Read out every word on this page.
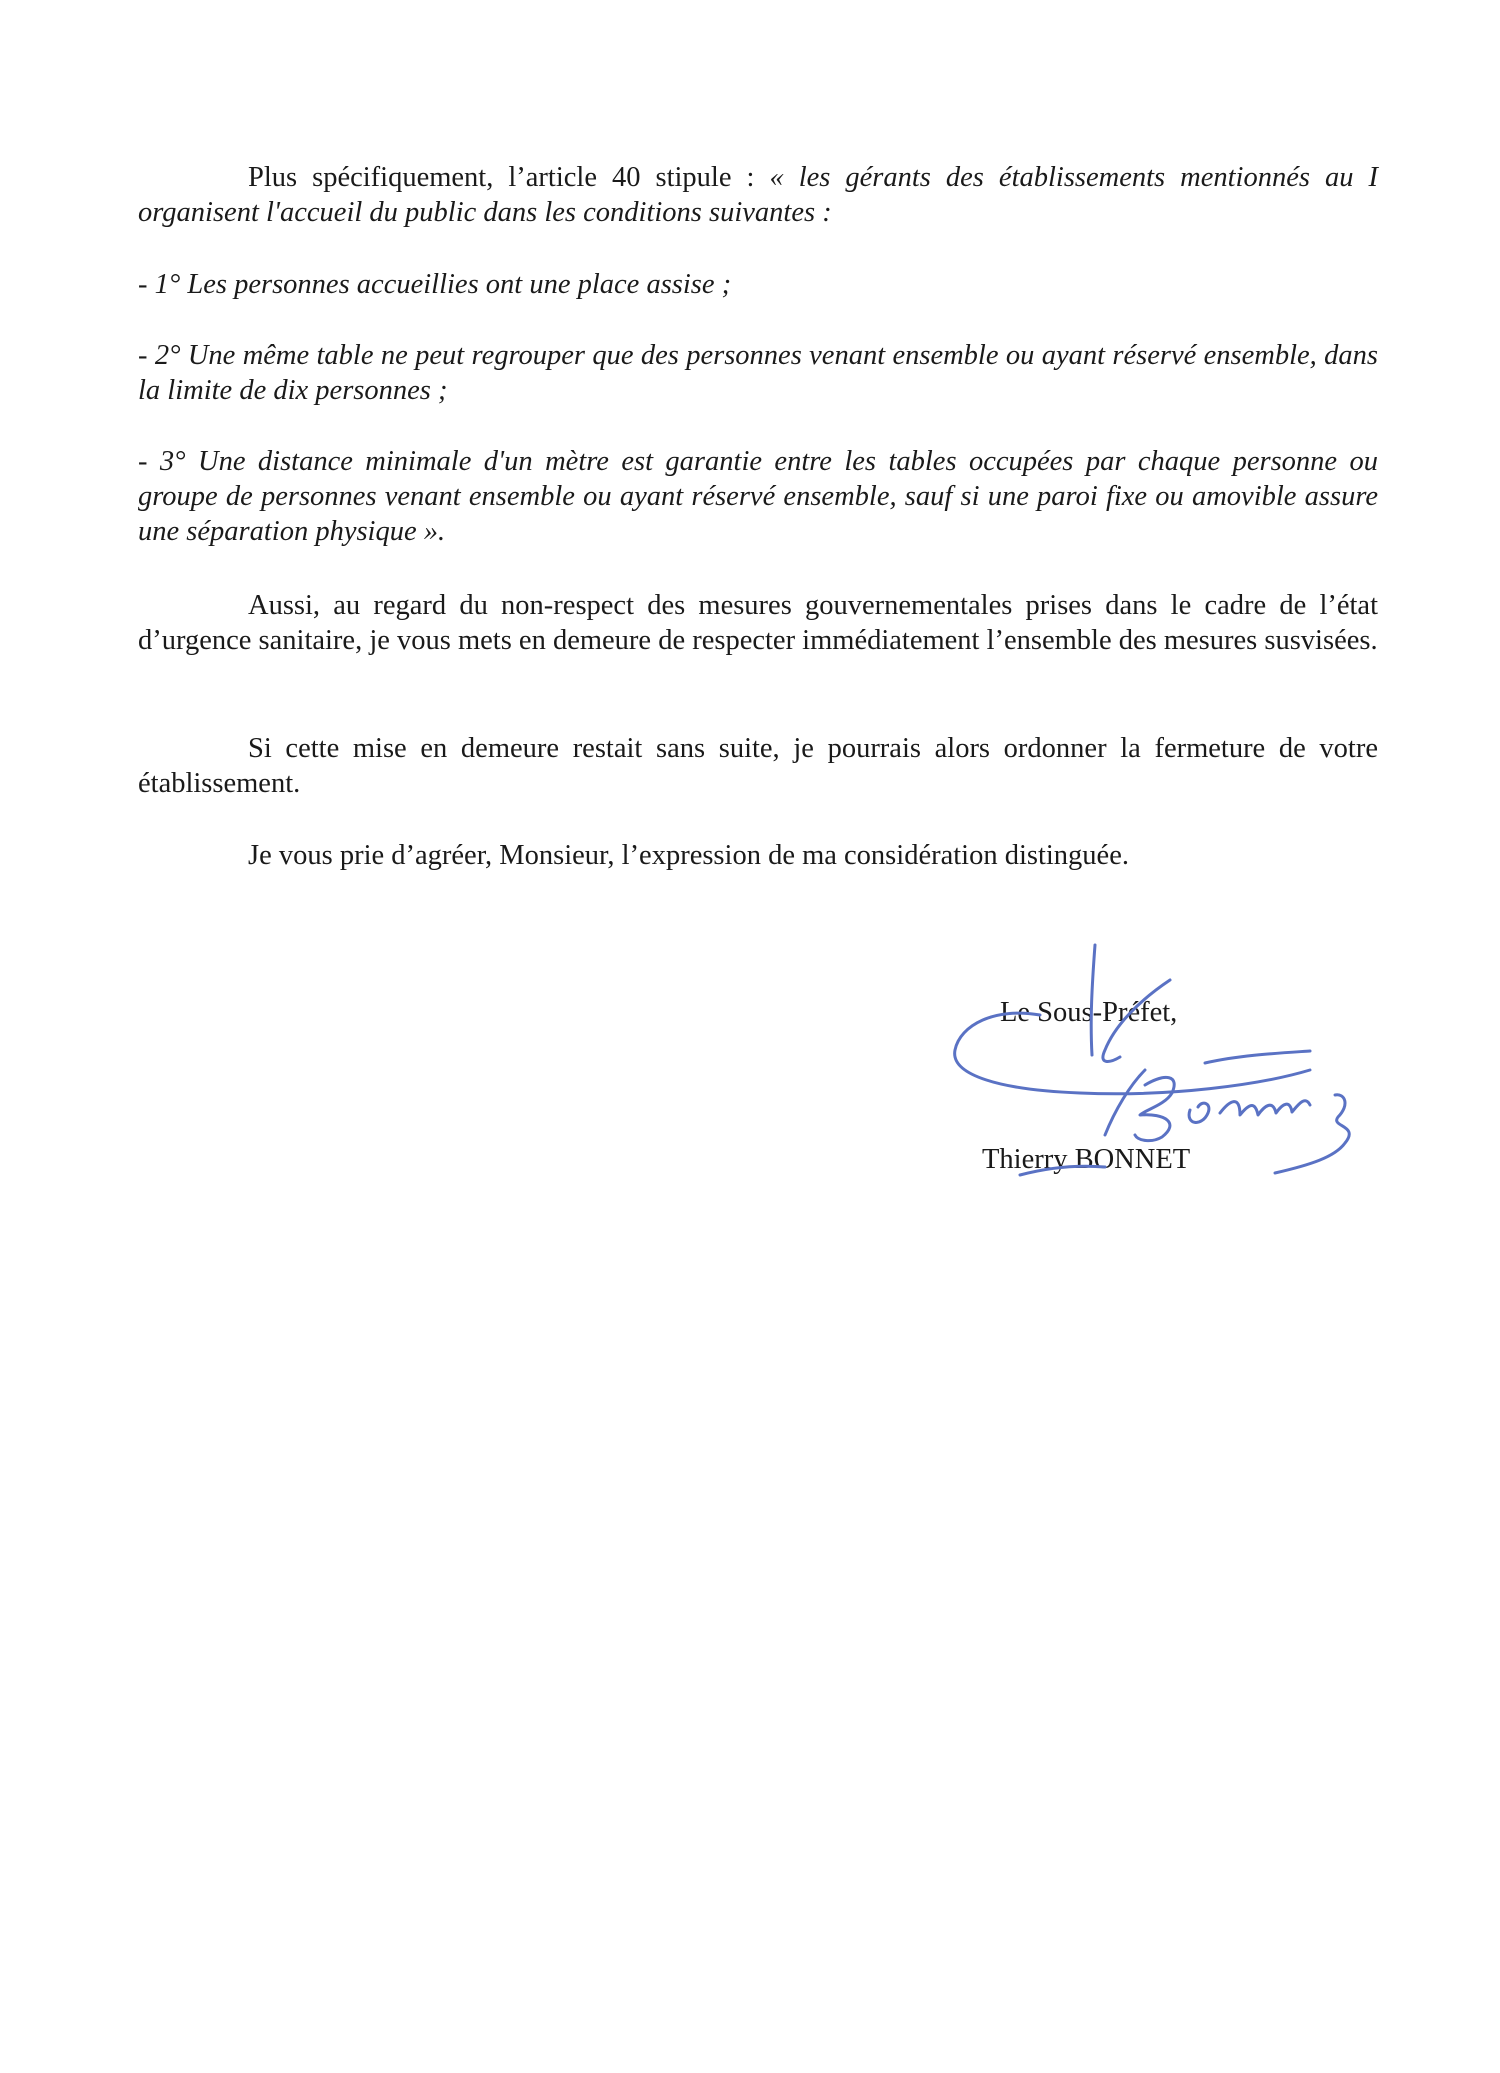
Plus spécifiquement, l’article 40 stipule : « les gérants des établissements mentionnés au I organisent l'accueil du public dans les conditions suivantes :

- 1° Les personnes accueillies ont une place assise ;

- 2° Une même table ne peut regrouper que des personnes venant ensemble ou ayant réservé ensemble, dans la limite de dix personnes ;

- 3° Une distance minimale d'un mètre est garantie entre les tables occupées par chaque personne ou groupe de personnes venant ensemble ou ayant réservé ensemble, sauf si une paroi fixe ou amovible assure une séparation physique ».

Aussi, au regard du non-respect des mesures gouvernementales prises dans le cadre de l’état d’urgence sanitaire, je vous mets en demeure de respecter immédiatement l’ensemble des mesures susvisées.

Si cette mise en demeure restait sans suite, je pourrais alors ordonner la fermeture de votre établissement.

Je vous prie d’agréer, Monsieur, l’expression de ma considération distinguée.

Le Sous-Préfet,
Thierry BONNET
